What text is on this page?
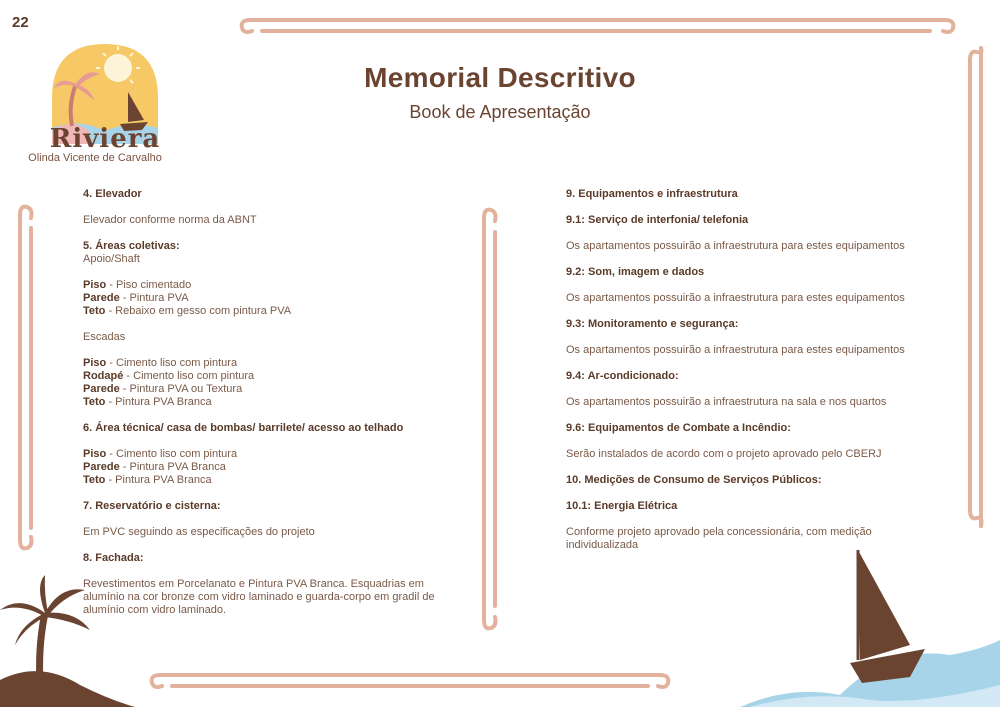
22
Riviera
Olinda Vicente de Carvalho
Memorial Descritivo
Book de Apresentação
4. Elevador
Elevador conforme norma da ABNT
5. Áreas coletivas:
Apoio/Shaft
Piso - Piso cimentado
Parede - Pintura PVA
Teto - Rebaixo em gesso com pintura PVA
Escadas
Piso - Cimento liso com pintura
Rodapé - Cimento liso com pintura
Parede - Pintura PVA ou Textura
Teto - Pintura PVA Branca
6. Área técnica/ casa de bombas/ barrilete/ acesso ao telhado
Piso - Cimento liso com pintura
Parede - Pintura PVA Branca
Teto - Pintura PVA Branca
7. Reservatório e cisterna:
Em PVC seguindo as especificações do projeto
8. Fachada:
Revestimentos em Porcelanato e Pintura PVA Branca. Esquadrias em alumínio na cor bronze com vidro laminado e guarda-corpo em gradil de alumínio com vidro laminado.
9. Equipamentos e infraestrutura
9.1: Serviço de interfonia/ telefonia
Os apartamentos possuirão a infraestrutura para estes equipamentos
9.2: Som, imagem e dados
Os apartamentos possuirão a infraestrutura para estes equipamentos
9.3: Monitoramento e segurança:
Os apartamentos possuirão a infraestrutura para estes equipamentos
9.4: Ar-condicionado:
Os apartamentos possuirão a infraestrutura na sala e nos quartos
9.6: Equipamentos de Combate a Incêndio:
Serão instalados de acordo com o projeto aprovado pelo CBERJ
10. Medições de Consumo de Serviços Públicos:
10.1: Energia Elétrica
Conforme projeto aprovado pela concessionária, com medição individualizada
